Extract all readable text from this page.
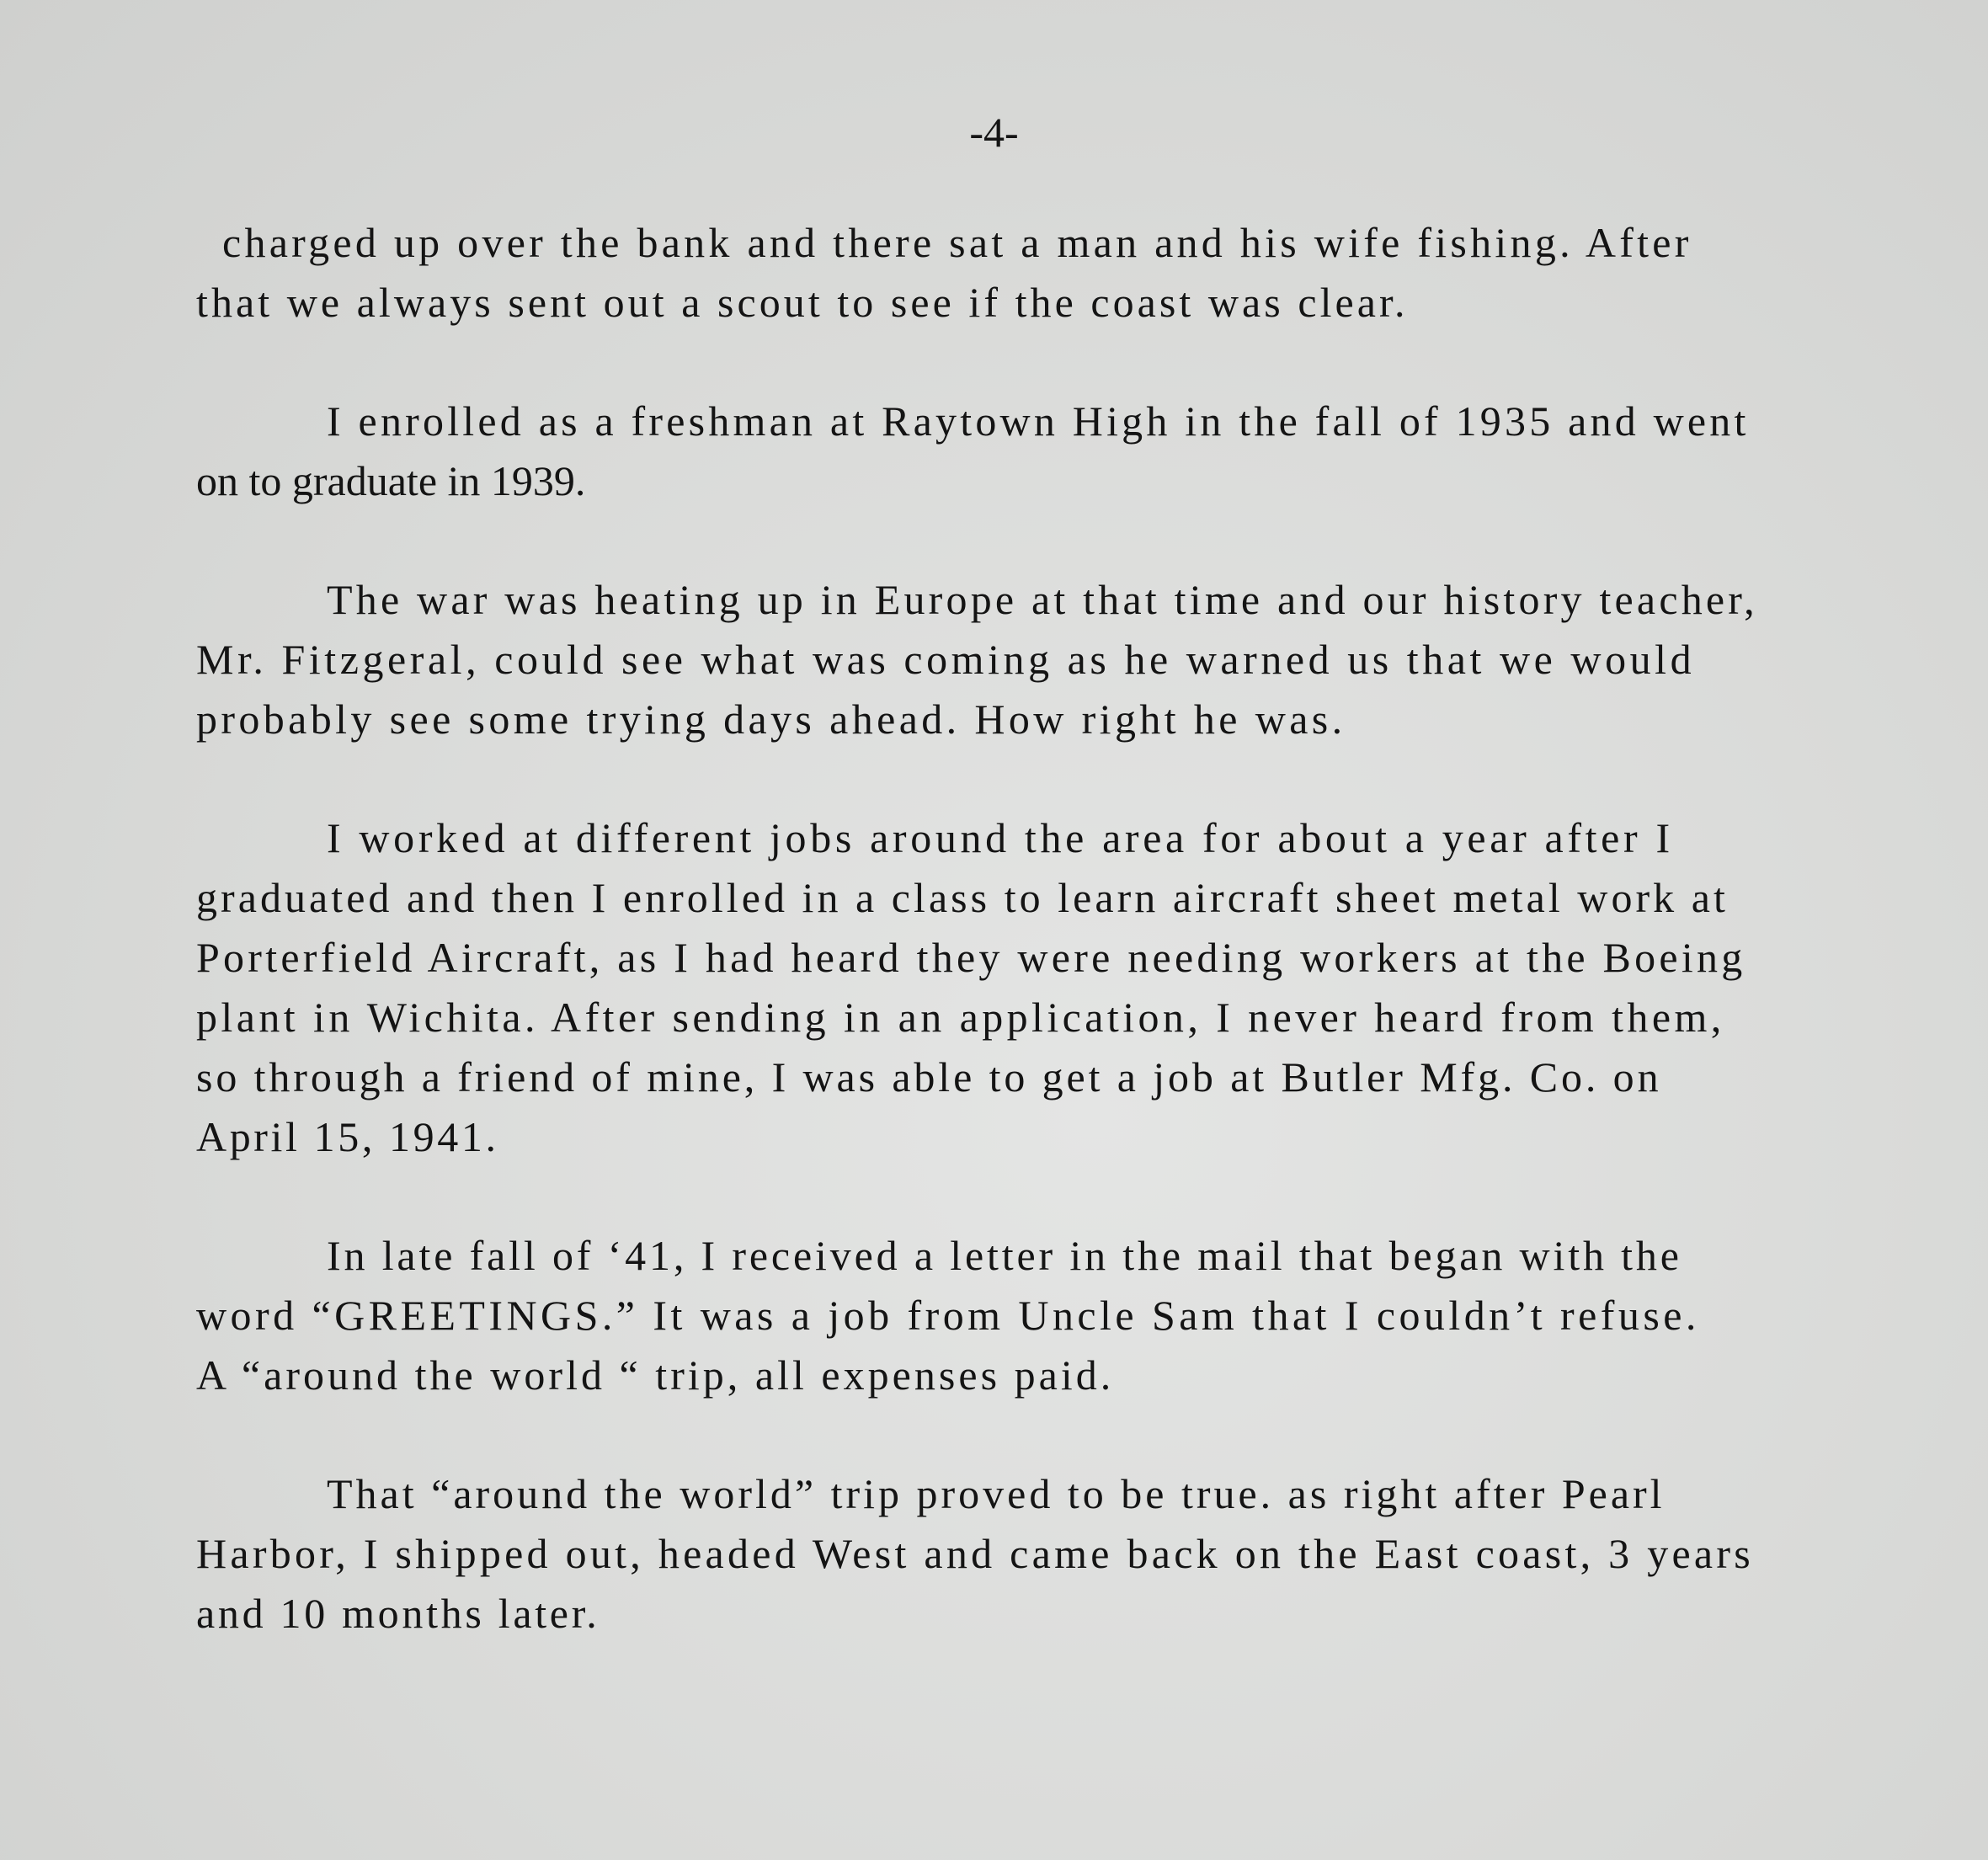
-4-
charged up over the bank and there sat a man and his wife fishing. After
that we always sent out a scout to see if the coast was clear.
I enrolled as a freshman at Raytown High in the fall of 1935 and went
on to graduate in 1939.
The war was heating up in Europe at that time and our history teacher,
Mr. Fitzgeral, could see what was coming as he warned us that we would
probably see some trying days ahead. How right he was.
I worked at different jobs around the area for about a year after I
graduated and then I enrolled in a class to learn aircraft sheet metal work at
Porterfield Aircraft, as I had heard they were needing workers at the Boeing
plant in Wichita. After sending in an application, I never heard from them,
so through a friend of mine, I was able to get a job at Butler Mfg. Co. on
April 15, 1941.
In late fall of ‘41, I received a letter in the mail that began with the
word “GREETINGS.” It was a job from Uncle Sam that I couldn’t refuse.
A “around the world “ trip, all expenses paid.
That “around the world” trip proved to be true. as right after Pearl
Harbor, I shipped out, headed West and came back on the East coast, 3 years
and 10 months later.
